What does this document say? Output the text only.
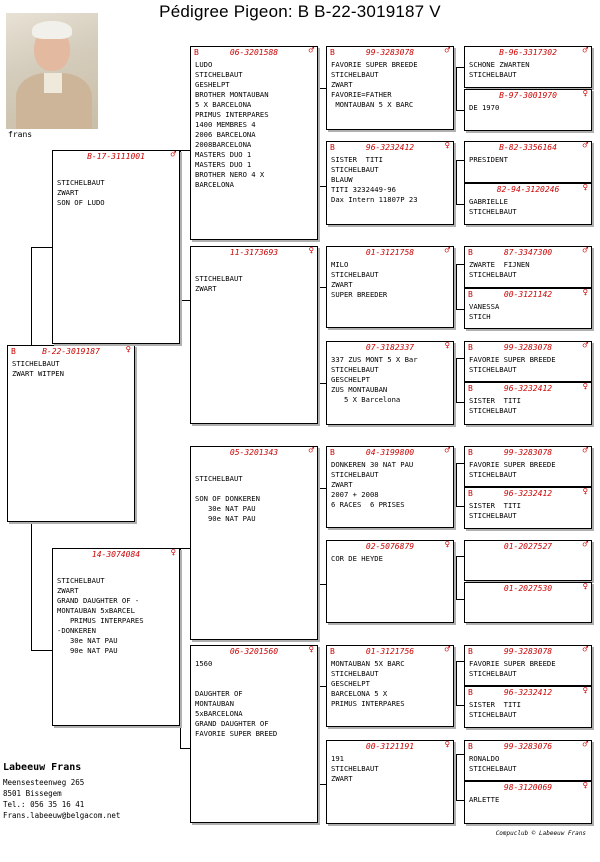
Pédigree Pigeon: B B-22-3019187 V
frans
B	B-22-3019187	♀
STICHELBAUT
ZWART WITPEN
B-17-3111001	♂
STICHELBAUT
ZWART
SON OF LUDO
14-3074084	♀
STICHELBAUT
ZWART
GRAND DAUGHTER OF -
MONTAUBAN 5xBARCEL
PRIMUS INTERPARES
-DONKEREN
30e NAT PAU
90e NAT PAU
B	06-3201588	♂
LUDO
STICHELBAUT
GESHELPT
BROTHER MONTAUBAN
5 X BARCELONA
PRIMUS INTERPARES
1400 MEMBRES 4
2006 BARCELONA
2008BARCELONA
MASTERS DUO 1
MASTERS DUO 1
BROTHER NERO 4 X
BARCELONA
11-3173693	♀
STICHELBAUT
ZWART
05-3201343	♂
STICHELBAUT

SON OF DONKEREN
30e NAT PAU
90e NAT PAU
06-3201560	♀
1560

DAUGHTER OF
MONTAUBAN
5xBARCELONA
GRAND DAUGHTER OF
FAVORIE SUPER BREED
B	99-3283078	♂
FAVORIE SUPER BREEDE
STICHELBAUT
ZWART
FAVORIE=FATHER
MONTAUBAN 5 X BARC
B	96-3232412	♀
SISTER  TITI
STICHELBAUT
BLAUW
TITI 3232449-96
Dax Intern 11807P 23
01-3121758	♂
MILO
STICHELBAUT
ZWART
SUPER BREEDER
07-3182337	♀
337 ZUS MONT 5 X Bar
STICHELBAUT
GESCHELPT
ZUS MONTAUBAN
5 X Barcelona
B	04-3199800	♂
DONKEREN 30 NAT PAU
STICHELBAUT
ZWART
2007 + 2008
6 RACES  6 PRISES
02-5076879	♀
COR DE HEYDE
B	01-3121756	♂
MONTAUBAN 5X BARC
STICHELBAUT
GESCHELPT
BARCELONA 5 X
PRIMUS INTERPARES
00-3121191	♀
191
STICHELBAUT
ZWART
B-96-3317302	♂
SCHONE ZWARTEN
STICHELBAUT
B-97-3001970	♀
DE 1970
B-82-3356164	♂
PRESIDENT
82-94-3120246	♀
GABRIELLE
STICHELBAUT
B	87-3347300	♂
ZWARTE  FIJNEN
STICHELBAUT
B	00-3121142	♀
VANESSA
STICH
B	99-3283078	♂
FAVORIE SUPER BREEDE
STICHELBAUT
B	96-3232412	♀
SISTER  TITI
STICHELBAUT
B	99-3283078	♂
FAVORIE SUPER BREEDE
STICHELBAUT
B	96-3232412	♀
SISTER  TITI
STICHELBAUT
01-2027527	♂
01-2027530	♀
B	99-3283078	♂
FAVORIE SUPER BREEDE
STICHELBAUT
B	96-3232412	♀
SISTER  TITI
STICHELBAUT
B	99-3283076	♂
RONALDO
STICHELBAUT
98-3120069	♀
ARLETTE
Labeeuw Frans
Meensesteenweg 265
8501 Bissegem
Tel.: 056 35 16 41
Frans.labeeuw@belgacom.net
Compuclub © Labeeuw Frans
